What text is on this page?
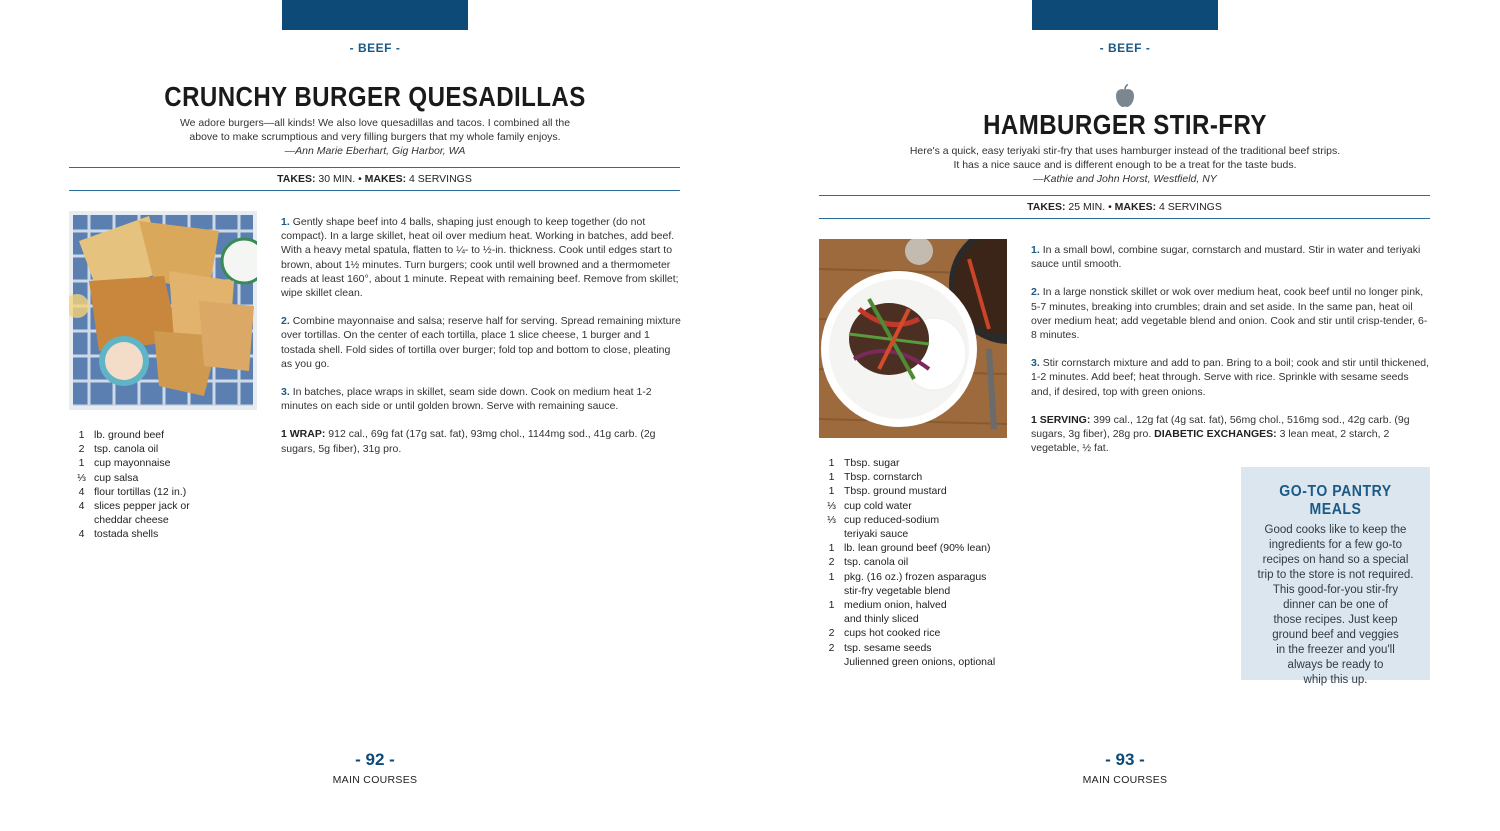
- BEEF -
CRUNCHY BURGER QUESADILLAS
We adore burgers—all kinds! We also love quesadillas and tacos. I combined all the
above to make scrumptious and very filling burgers that my whole family enjoys.
—Ann Marie Eberhart, Gig Harbor, WA
TAKES: 30 MIN. • MAKES: 4 SERVINGS

1. Gently shape beef into 4 balls, shaping just enough to keep together (do not compact). In a large skillet, heat oil over medium heat. Working in batches, add beef. With a heavy metal spatula, flatten to ¼- to ½-in. thickness. Cook until edges start to brown, about 1½ minutes. Turn burgers; cook until well browned and a thermometer reads at least 160°, about 1 minute. Repeat with remaining beef. Remove from skillet; wipe skillet clean.

2. Combine mayonnaise and salsa; reserve half for serving. Spread remaining mixture over tortillas. On the center of each tortilla, place 1 slice cheese, 1 burger and 1 tostada shell. Fold sides of tortilla over burger; fold top and bottom to close, pleating as you go.

3. In batches, place wraps in skillet, seam side down. Cook on medium heat 1-2 minutes on each side or until golden brown. Serve with remaining sauce.

1 WRAP: 912 cal., 69g fat (17g sat. fat), 93mg chol., 1144mg sod., 41g carb. (2g sugars, 5g fiber), 31g pro.

1 lb. ground beef
2 tsp. canola oil
1 cup mayonnaise
⅓ cup salsa
4 flour tortillas (12 in.)
4 slices pepper jack or cheddar cheese
4 tostada shells
- 92 -
MAIN COURSES
- BEEF -
HAMBURGER STIR-FRY
Here's a quick, easy teriyaki stir-fry that uses hamburger instead of the traditional beef strips.
It has a nice sauce and is different enough to be a treat for the taste buds.
—Kathie and John Horst, Westfield, NY
TAKES: 25 MIN. • MAKES: 4 SERVINGS

1. In a small bowl, combine sugar, cornstarch and mustard. Stir in water and teriyaki sauce until smooth.

2. In a large nonstick skillet or wok over medium heat, cook beef until no longer pink, 5-7 minutes, breaking into crumbles; drain and set aside. In the same pan, heat oil over medium heat; add vegetable blend and onion. Cook and stir until crisp-tender, 6-8 minutes.

3. Stir cornstarch mixture and add to pan. Bring to a boil; cook and stir until thickened, 1-2 minutes. Add beef; heat through. Serve with rice. Sprinkle with sesame seeds and, if desired, top with green onions.

1 SERVING: 399 cal., 12g fat (4g sat. fat), 56mg chol., 516mg sod., 42g carb. (9g sugars, 3g fiber), 28g pro. DIABETIC EXCHANGES: 3 lean meat, 2 starch, 2 vegetable, ½ fat.

1 Tbsp. sugar
1 Tbsp. cornstarch
1 Tbsp. ground mustard
⅓ cup cold water
⅓ cup reduced-sodium teriyaki sauce
1 lb. lean ground beef (90% lean)
2 tsp. canola oil
1 pkg. (16 oz.) frozen asparagus stir-fry vegetable blend
1 medium onion, halved and thinly sliced
2 cups hot cooked rice
2 tsp. sesame seeds
Julienned green onions, optional
GO-TO PANTRY MEALS
Good cooks like to keep the
ingredients for a few go-to
recipes on hand so a special
trip to the store is not required.
This good-for-you stir-fry
dinner can be one of
those recipes. Just keep
ground beef and veggies
in the freezer and you'll
always be ready to
whip this up.
- 93 -
MAIN COURSES
